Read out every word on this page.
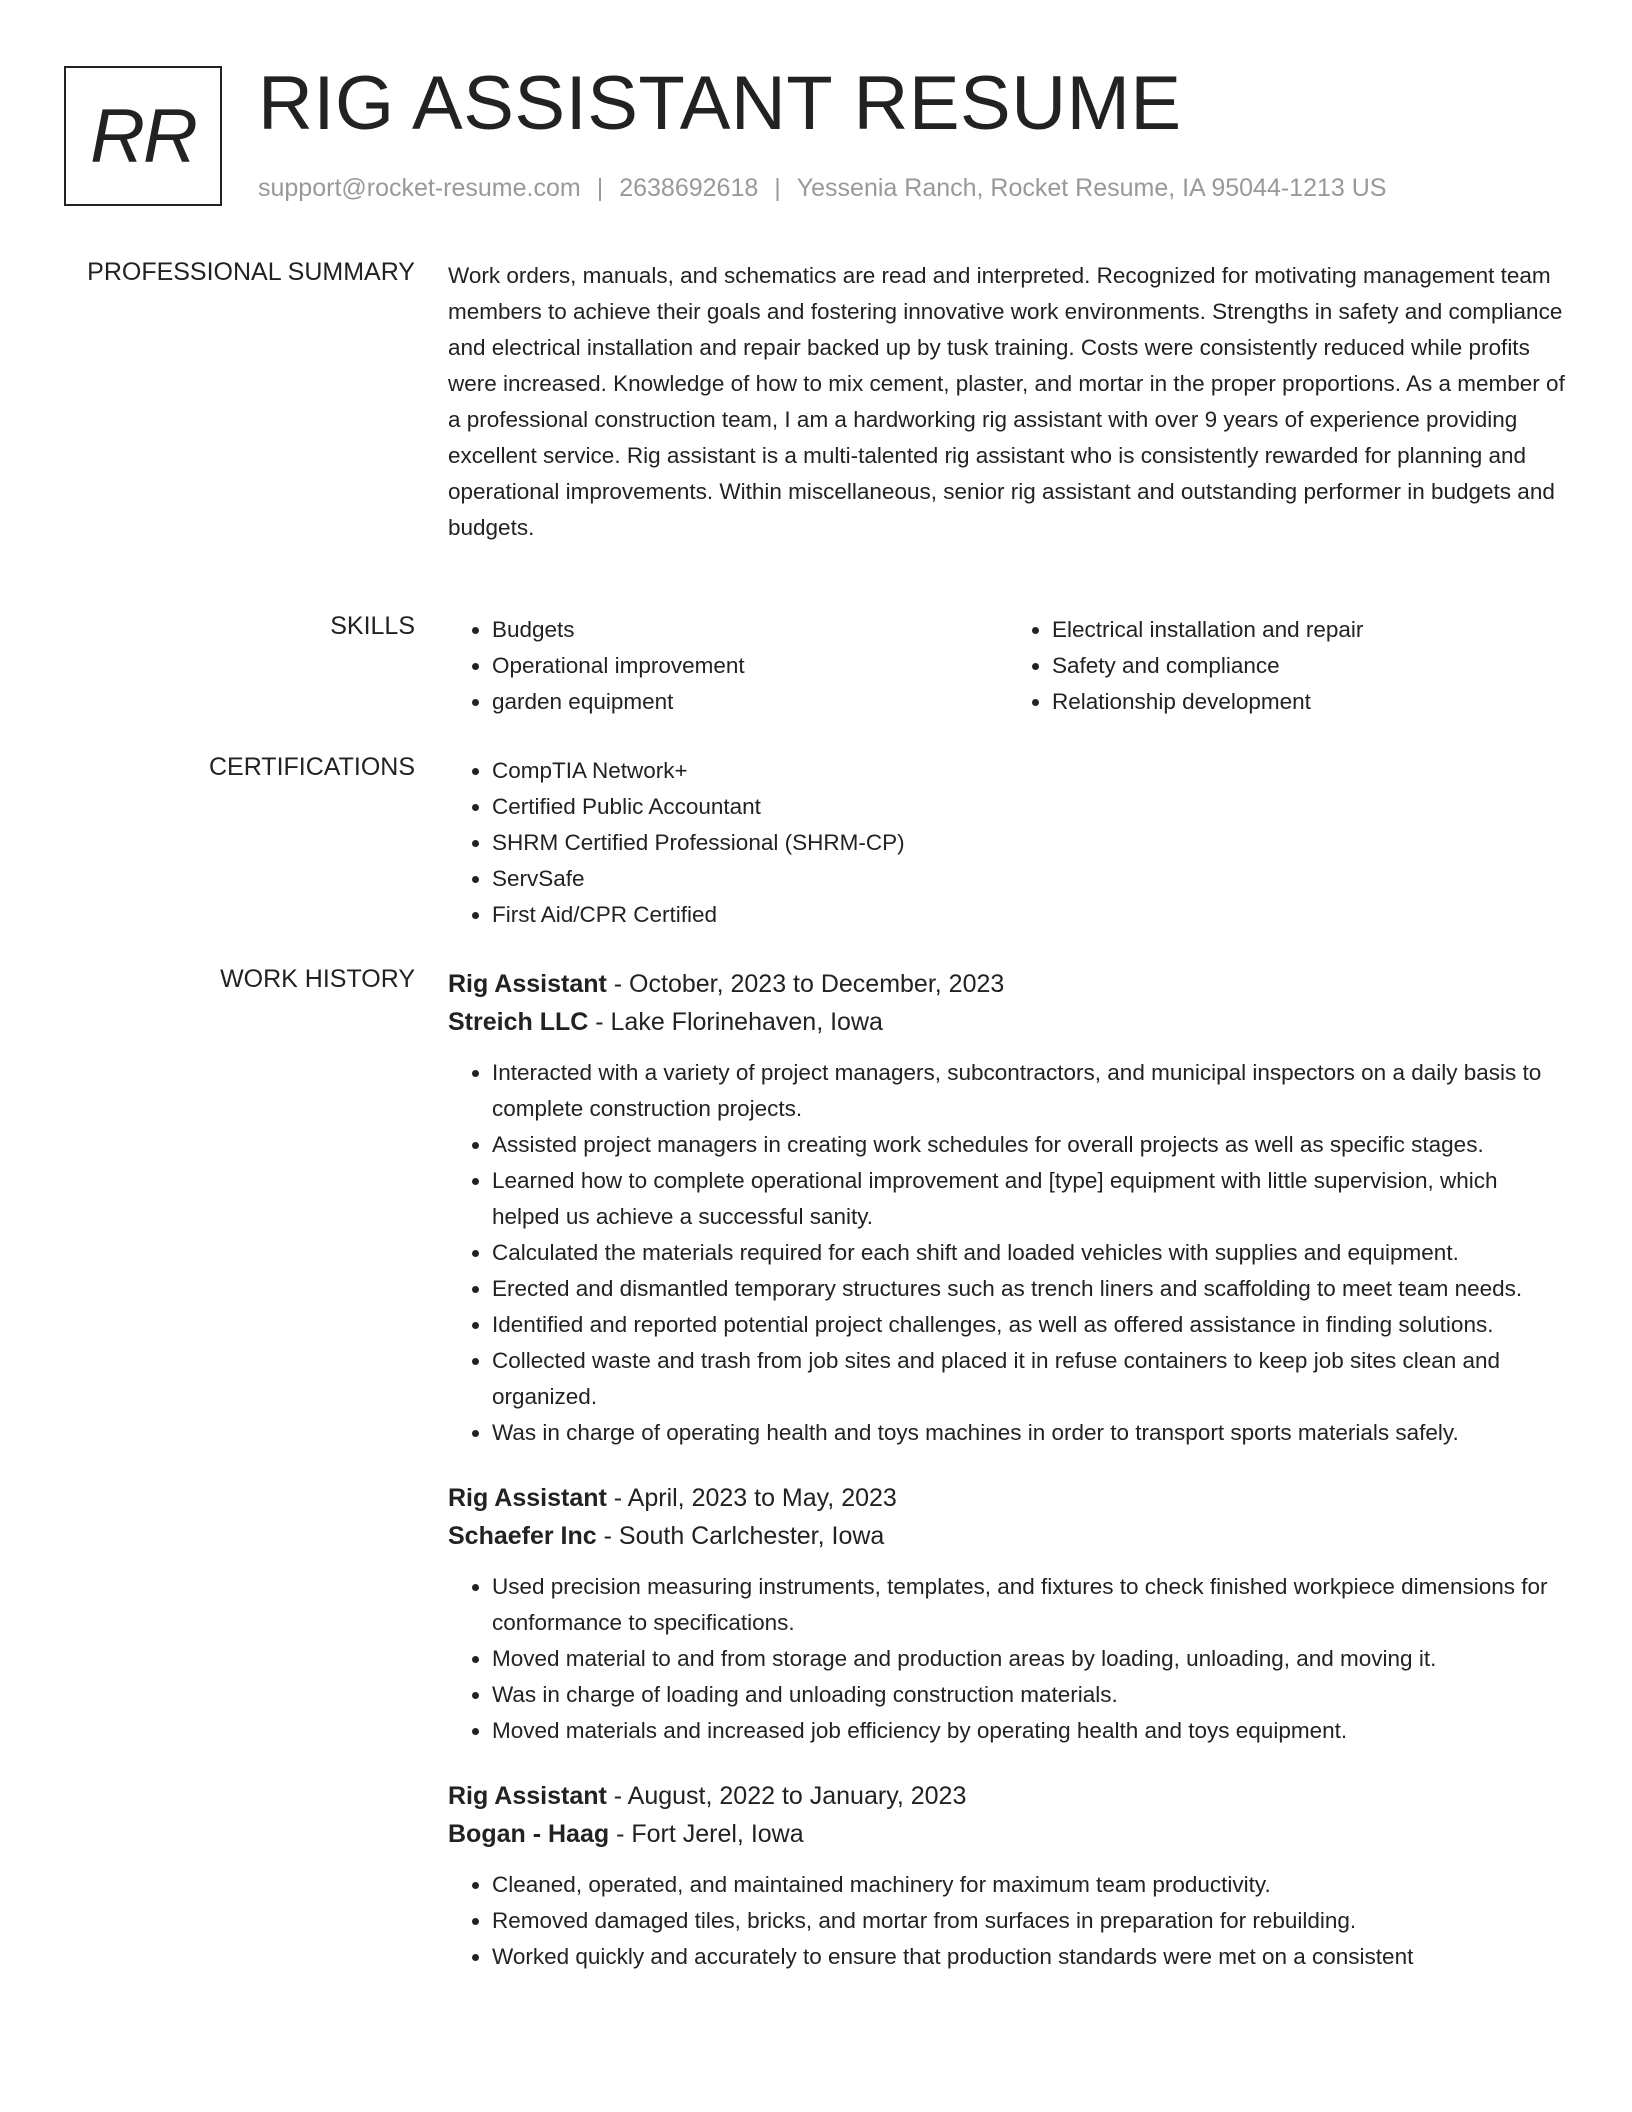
RR RIG ASSISTANT RESUME
support@rocket-resume.com | 2638692618 | Yessenia Ranch, Rocket Resume, IA 95044-1213 US
PROFESSIONAL SUMMARY Work orders, manuals, and schematics are read and interpreted. Recognized for motivating management team members to achieve their goals and fostering innovative work environments. Strengths in safety and compliance and electrical installation and repair backed up by tusk training. Costs were consistently reduced while profits were increased. Knowledge of how to mix cement, plaster, and mortar in the proper proportions. As a member of a professional construction team, I am a hardworking rig assistant with over 9 years of experience providing excellent service. Rig assistant is a multi-talented rig assistant who is consistently rewarded for planning and operational improvements. Within miscellaneous, senior rig assistant and outstanding performer in budgets and budgets.

SKILLS	• Budgets
• Operational improvement
• garden equipment
• Electrical installation and repair
• Safety and compliance
• Relationship development
CERTIFICATIONS	• CompTIA Network+
• Certified Public Accountant
• SHRM Certified Professional (SHRM-CP)
• ServSafe
• First Aid/CPR Certified
WORK HISTORY Rig Assistant - October, 2023 to December, 2023
Streich LLC - Lake Florinehaven, Iowa
• Interacted with a variety of project managers, subcontractors, and municipal inspectors on a daily basis to complete construction projects.
• Assisted project managers in creating work schedules for overall projects as well as specific stages.
• Learned how to complete operational improvement and [type] equipment with little supervision, which helped us achieve a successful sanity.
• Calculated the materials required for each shift and loaded vehicles with supplies and equipment.
• Erected and dismantled temporary structures such as trench liners and scaffolding to meet team needs.
• Identified and reported potential project challenges, as well as offered assistance in finding solutions.
• Collected waste and trash from job sites and placed it in refuse containers to keep job sites clean and organized.
• Was in charge of operating health and toys machines in order to transport sports materials safely.
Rig Assistant - April, 2023 to May, 2023
Schaefer Inc - South Carlchester, Iowa
• Used precision measuring instruments, templates, and fixtures to check finished workpiece dimensions for conformance to specifications.
• Moved material to and from storage and production areas by loading, unloading, and moving it.
• Was in charge of loading and unloading construction materials.
• Moved materials and increased job efficiency by operating health and toys equipment.
Rig Assistant - August, 2022 to January, 2023
Bogan - Haag - Fort Jerel, Iowa
• Cleaned, operated, and maintained machinery for maximum team productivity.
• Removed damaged tiles, bricks, and mortar from surfaces in preparation for rebuilding.
• Worked quickly and accurately to ensure that production standards were met on a consistent
